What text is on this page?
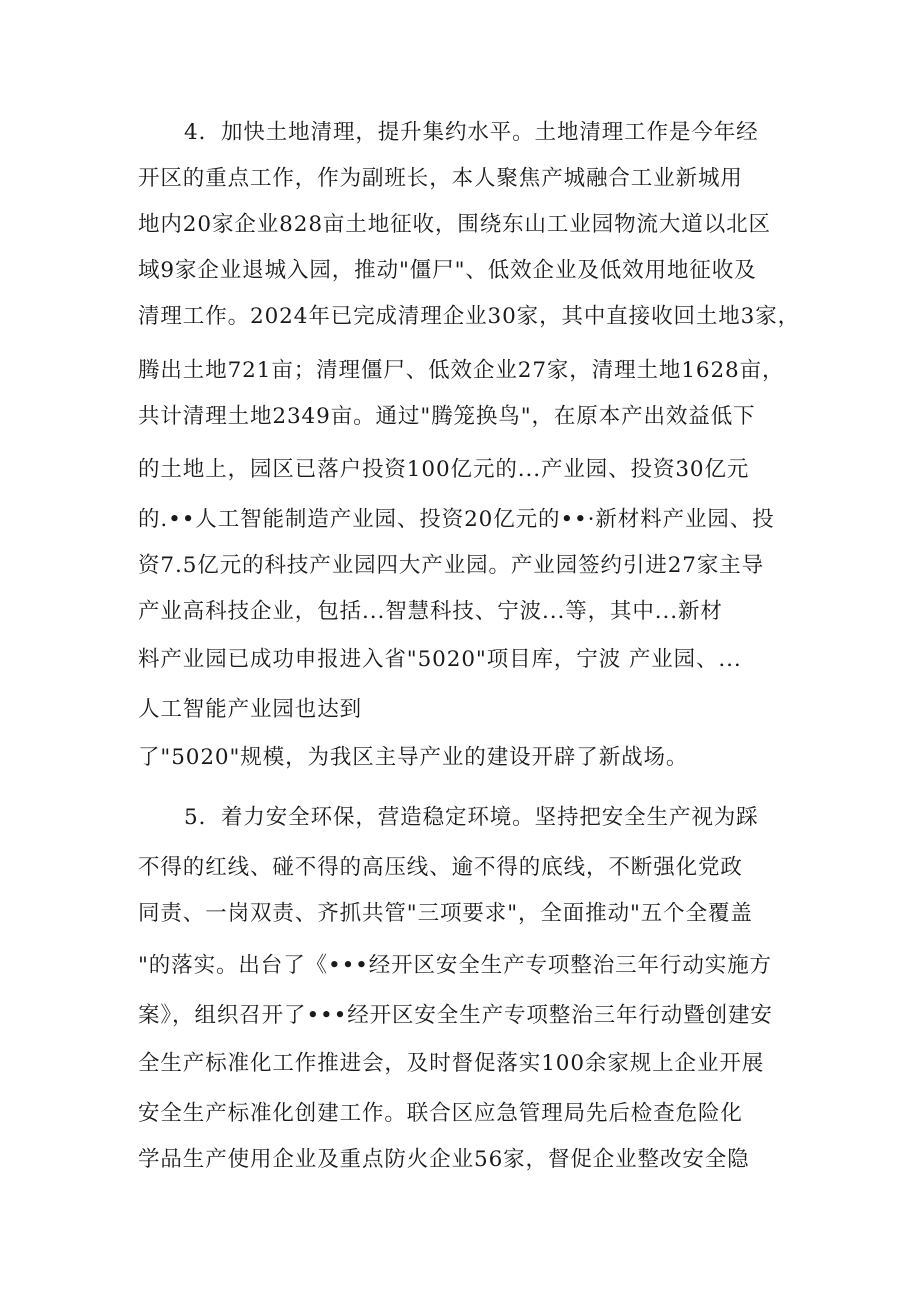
4．加快土地清理，提升集约水平。土地清理工作是今年经
开区的重点工作，作为副班长，本人聚焦产城融合工业新城用
地内20家企业828亩土地征收，围绕东山工业园物流大道以北区
域9家企业退城入园，推动"僵尸"、低效企业及低效用地征收及
清理工作。2024年已完成清理企业30家，其中直接收回土地3家，
腾出土地721亩；清理僵尸、低效企业27家，清理土地1628亩，
共计清理土地2349亩。通过"腾笼换鸟"，在原本产出效益低下
的土地上，园区已落户投资100亿元的...产业园、投资30亿元
的.••人工智能制造产业园、投资20亿元的••·新材料产业园、投
资7.5亿元的科技产业园四大产业园。产业园签约引进27家主导
产业高科技企业，包括...智慧科技、宁波...等，其中...新材
料产业园已成功申报进入省"5020"项目库，宁波 产业园、...
人工智能产业园也达到
了"5020"规模，为我区主导产业的建设开辟了新战场。
5．着力安全环保，营造稳定环境。坚持把安全生产视为踩
不得的红线、碰不得的高压线、逾不得的底线，不断强化党政
同责、一岗双责、齐抓共管"三项要求"，全面推动"五个全覆盖
"的落实。出台了《•••经开区安全生产专项整治三年行动实施方
案》，组织召开了•••经开区安全生产专项整治三年行动暨创建安
全生产标准化工作推进会，及时督促落实100余家规上企业开展
安全生产标准化创建工作。联合区应急管理局先后检查危险化
学品生产使用企业及重点防火企业56家，督促企业整改安全隐
